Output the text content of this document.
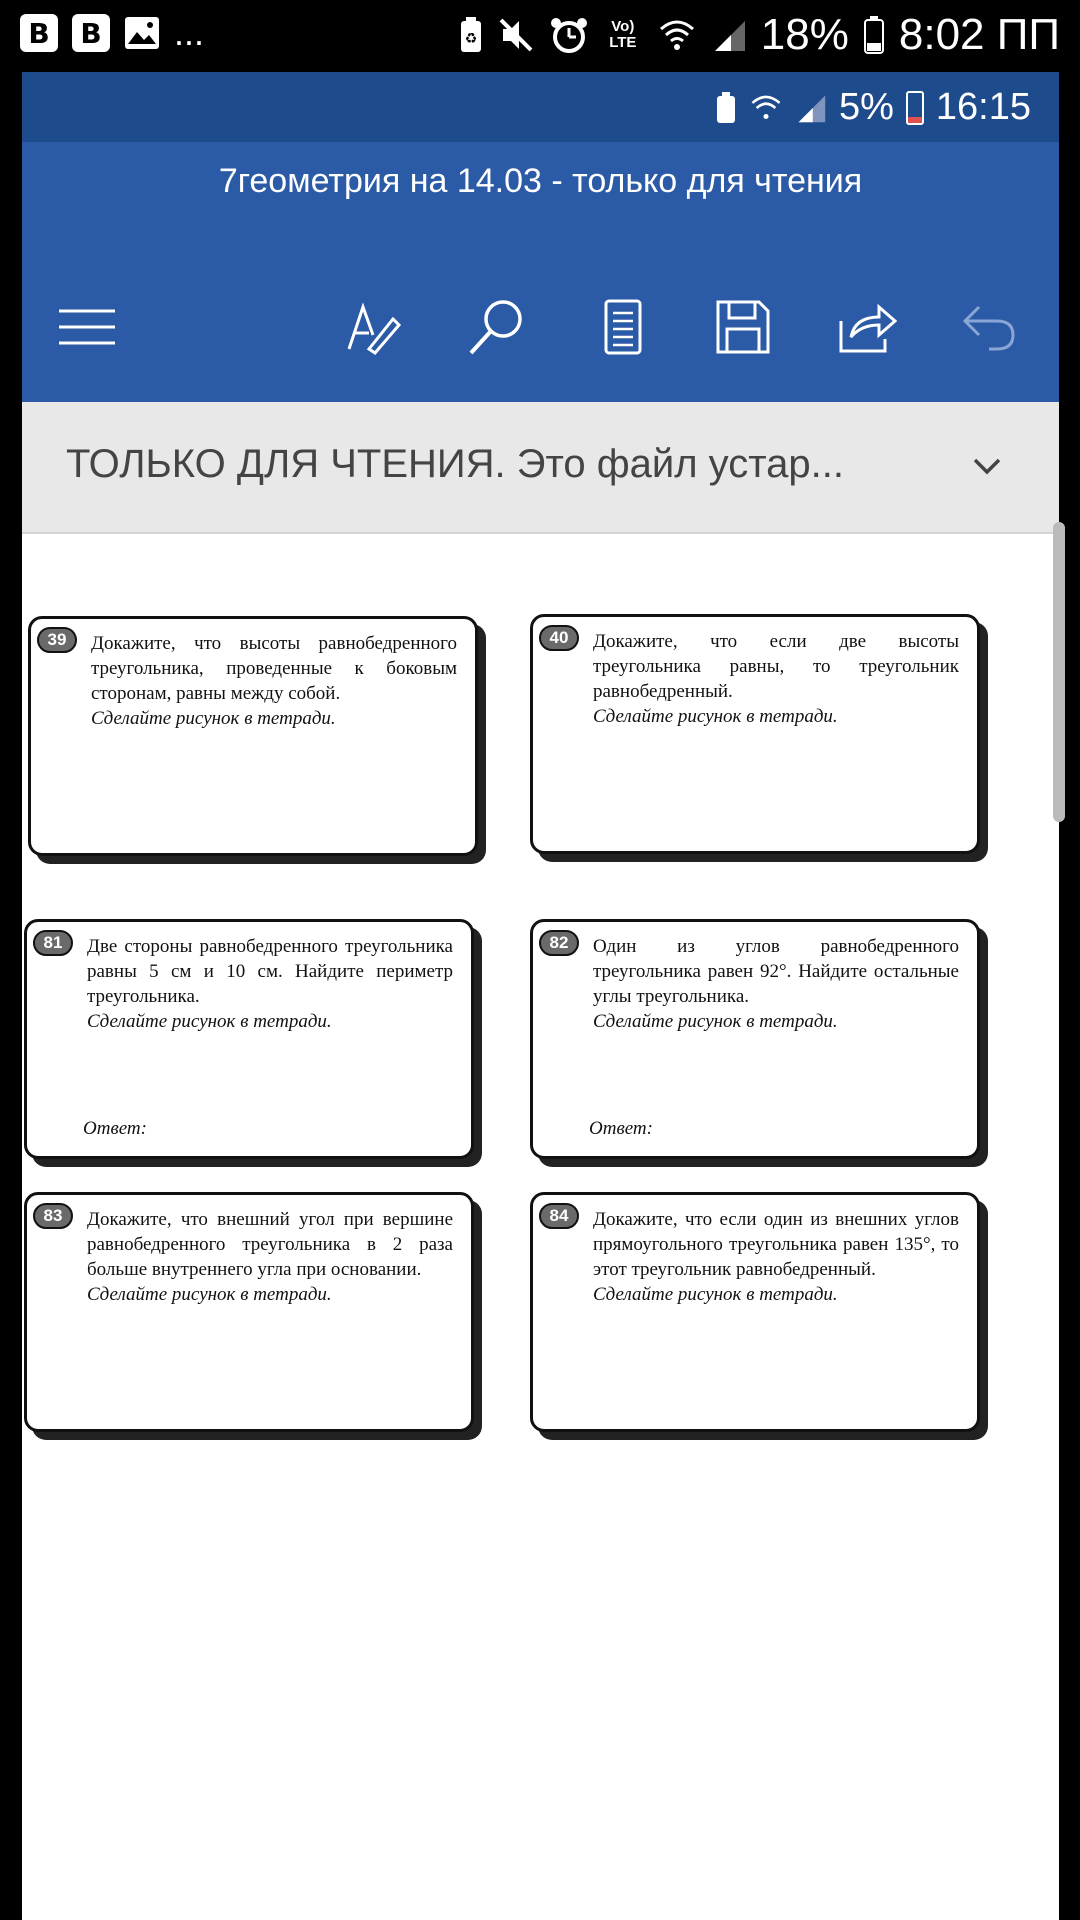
B B ...	♻
Vo) LTE	18% 8:02 ПП
5% 16:15
7геометрия на 14.03 - только для чтения
ТОЛЬКО ДЛЯ ЧТЕНИЯ. Это файл устар...
39	Докажите, что высоты равнобедренного треугольника, проведенные к боковым сторонам, равны между собой.
Сделайте рисунок в тетради.
40	Докажите, что если две высоты треугольника равны, то треугольник равнобедренный.
Сделайте рисунок в тетради.
81	Две стороны равнобедренного треугольника равны 5 см и 10 см. Найдите периметр треугольника.
Сделайте рисунок в тетради.
Ответ:
82	Один из углов равнобедренного треугольника равен 92°. Найдите остальные углы треугольника.
Сделайте рисунок в тетради.
Ответ:
83	Докажите, что внешний угол при вершине равнобедренного треугольника в 2 раза больше внутреннего угла при основании.
Сделайте рисунок в тетради.
84	Докажите, что если один из внешних углов прямоугольного треугольника равен 135°, то этот треугольник равнобедренный.
Сделайте рисунок в тетради.
